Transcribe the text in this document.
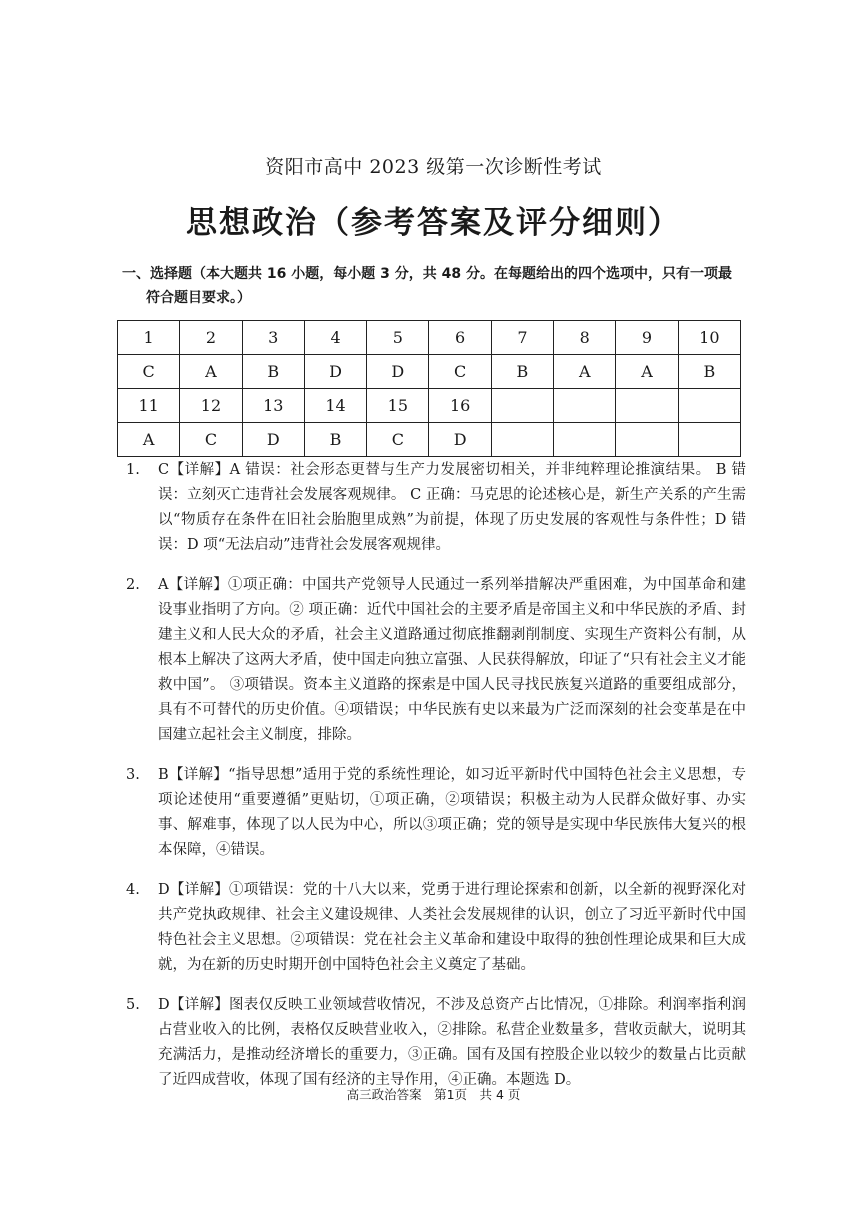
资阳市高中 2023 级第一次诊断性考试
思想政治（参考答案及评分细则）
一、选择题（本大题共 16 小题，每小题 3 分，共 48 分。在每题给出的四个选项中，只有一项最
符合题目要求。）
1	2	3	4	5	6	7	8	9	10
C	A	B	D	D	C	B	A	A	B
11	12	13	14	15	16				
A	C	D	B	C	D				
1.	C【详解】A 错误：社会形态更替与生产力发展密切相关，并非纯粹理论推演结果。 B 错误：立刻灭亡违背社会发展客观规律。 C 正确：马克思的论述核心是，新生产关系的产生需以“物质存在条件在旧社会胎胞里成熟”为前提，体现了历史发展的客观性与条件性；D 错误：D 项“无法启动”违背社会发展客观规律。
2.	A【详解】①项正确：中国共产党领导人民通过一系列举措解决严重困难，为中国革命和建设事业指明了方向。② 项正确：近代中国社会的主要矛盾是帝国主义和中华民族的矛盾、封建主义和人民大众的矛盾，社会主义道路通过彻底推翻剥削制度、实现生产资料公有制，从根本上解决了这两大矛盾，使中国走向独立富强、人民获得解放，印证了“只有社会主义才能救中国”。 ③项错误。资本主义道路的探索是中国人民寻找民族复兴道路的重要组成部分，具有不可替代的历史价值。④项错误；中华民族有史以来最为广泛而深刻的社会变革是在中国建立起社会主义制度，排除。
3.	B【详解】“指导思想”适用于党的系统性理论，如习近平新时代中国特色社会主义思想，专项论述使用“重要遵循”更贴切，①项正确，②项错误；积极主动为人民群众做好事、办实事、解难事，体现了以人民为中心，所以③项正确；党的领导是实现中华民族伟大复兴的根本保障，④错误。
4.	D【详解】①项错误：党的十八大以来，党勇于进行理论探索和创新，以全新的视野深化对共产党执政规律、社会主义建设规律、人类社会发展规律的认识，创立了习近平新时代中国特色社会主义思想。②项错误：党在社会主义革命和建设中取得的独创性理论成果和巨大成就，为在新的历史时期开创中国特色社会主义奠定了基础。
5.	D【详解】图表仅反映工业领域营收情况，不涉及总资产占比情况，①排除。利润率指利润占营业收入的比例，表格仅反映营业收入，②排除。私营企业数量多，营收贡献大，说明其充满活力，是推动经济增长的重要力，③正确。国有及国有控股企业以较少的数量占比贡献了近四成营收，体现了国有经济的主导作用，④正确。本题选 D。
高三政治答案　第1页　共 4 页
